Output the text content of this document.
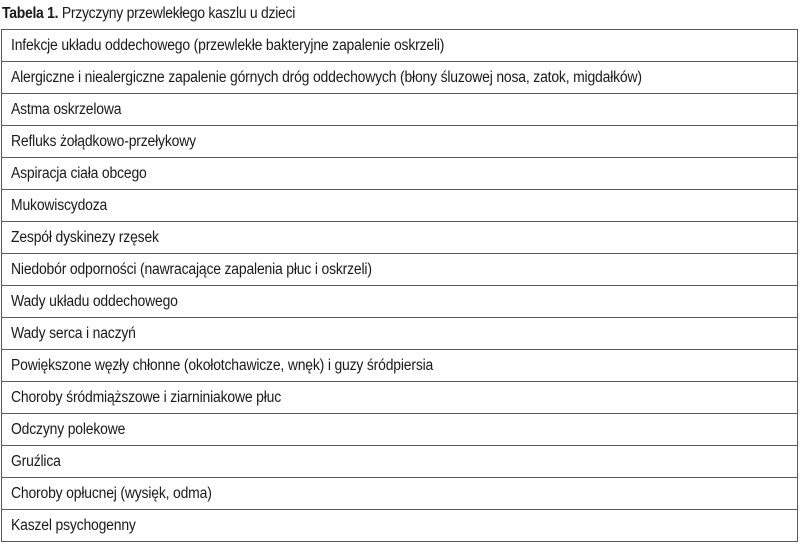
Tabela 1. Przyczyny przewlekłego kaszlu u dzieci
Infekcje układu oddechowego (przewlekłe bakteryjne zapalenie oskrzeli)
Alergiczne i niealergiczne zapalenie górnych dróg oddechowych (błony śluzowej nosa, zatok, migdałków)
Astma oskrzelowa
Refluks żołądkowo-przełykowy
Aspiracja ciała obcego
Mukowiscydoza
Zespół dyskinezy rzęsek
Niedobór odporności (nawracające zapalenia płuc i oskrzeli)
Wady układu oddechowego
Wady serca i naczyń
Powiększone węzły chłonne (okołotchawicze, wnęk) i guzy śródpiersia
Choroby śródmiąższowe i ziarniniakowe płuc
Odczyny polekowe
Gruźlica
Choroby opłucnej (wysięk, odma)
Kaszel psychogenny
